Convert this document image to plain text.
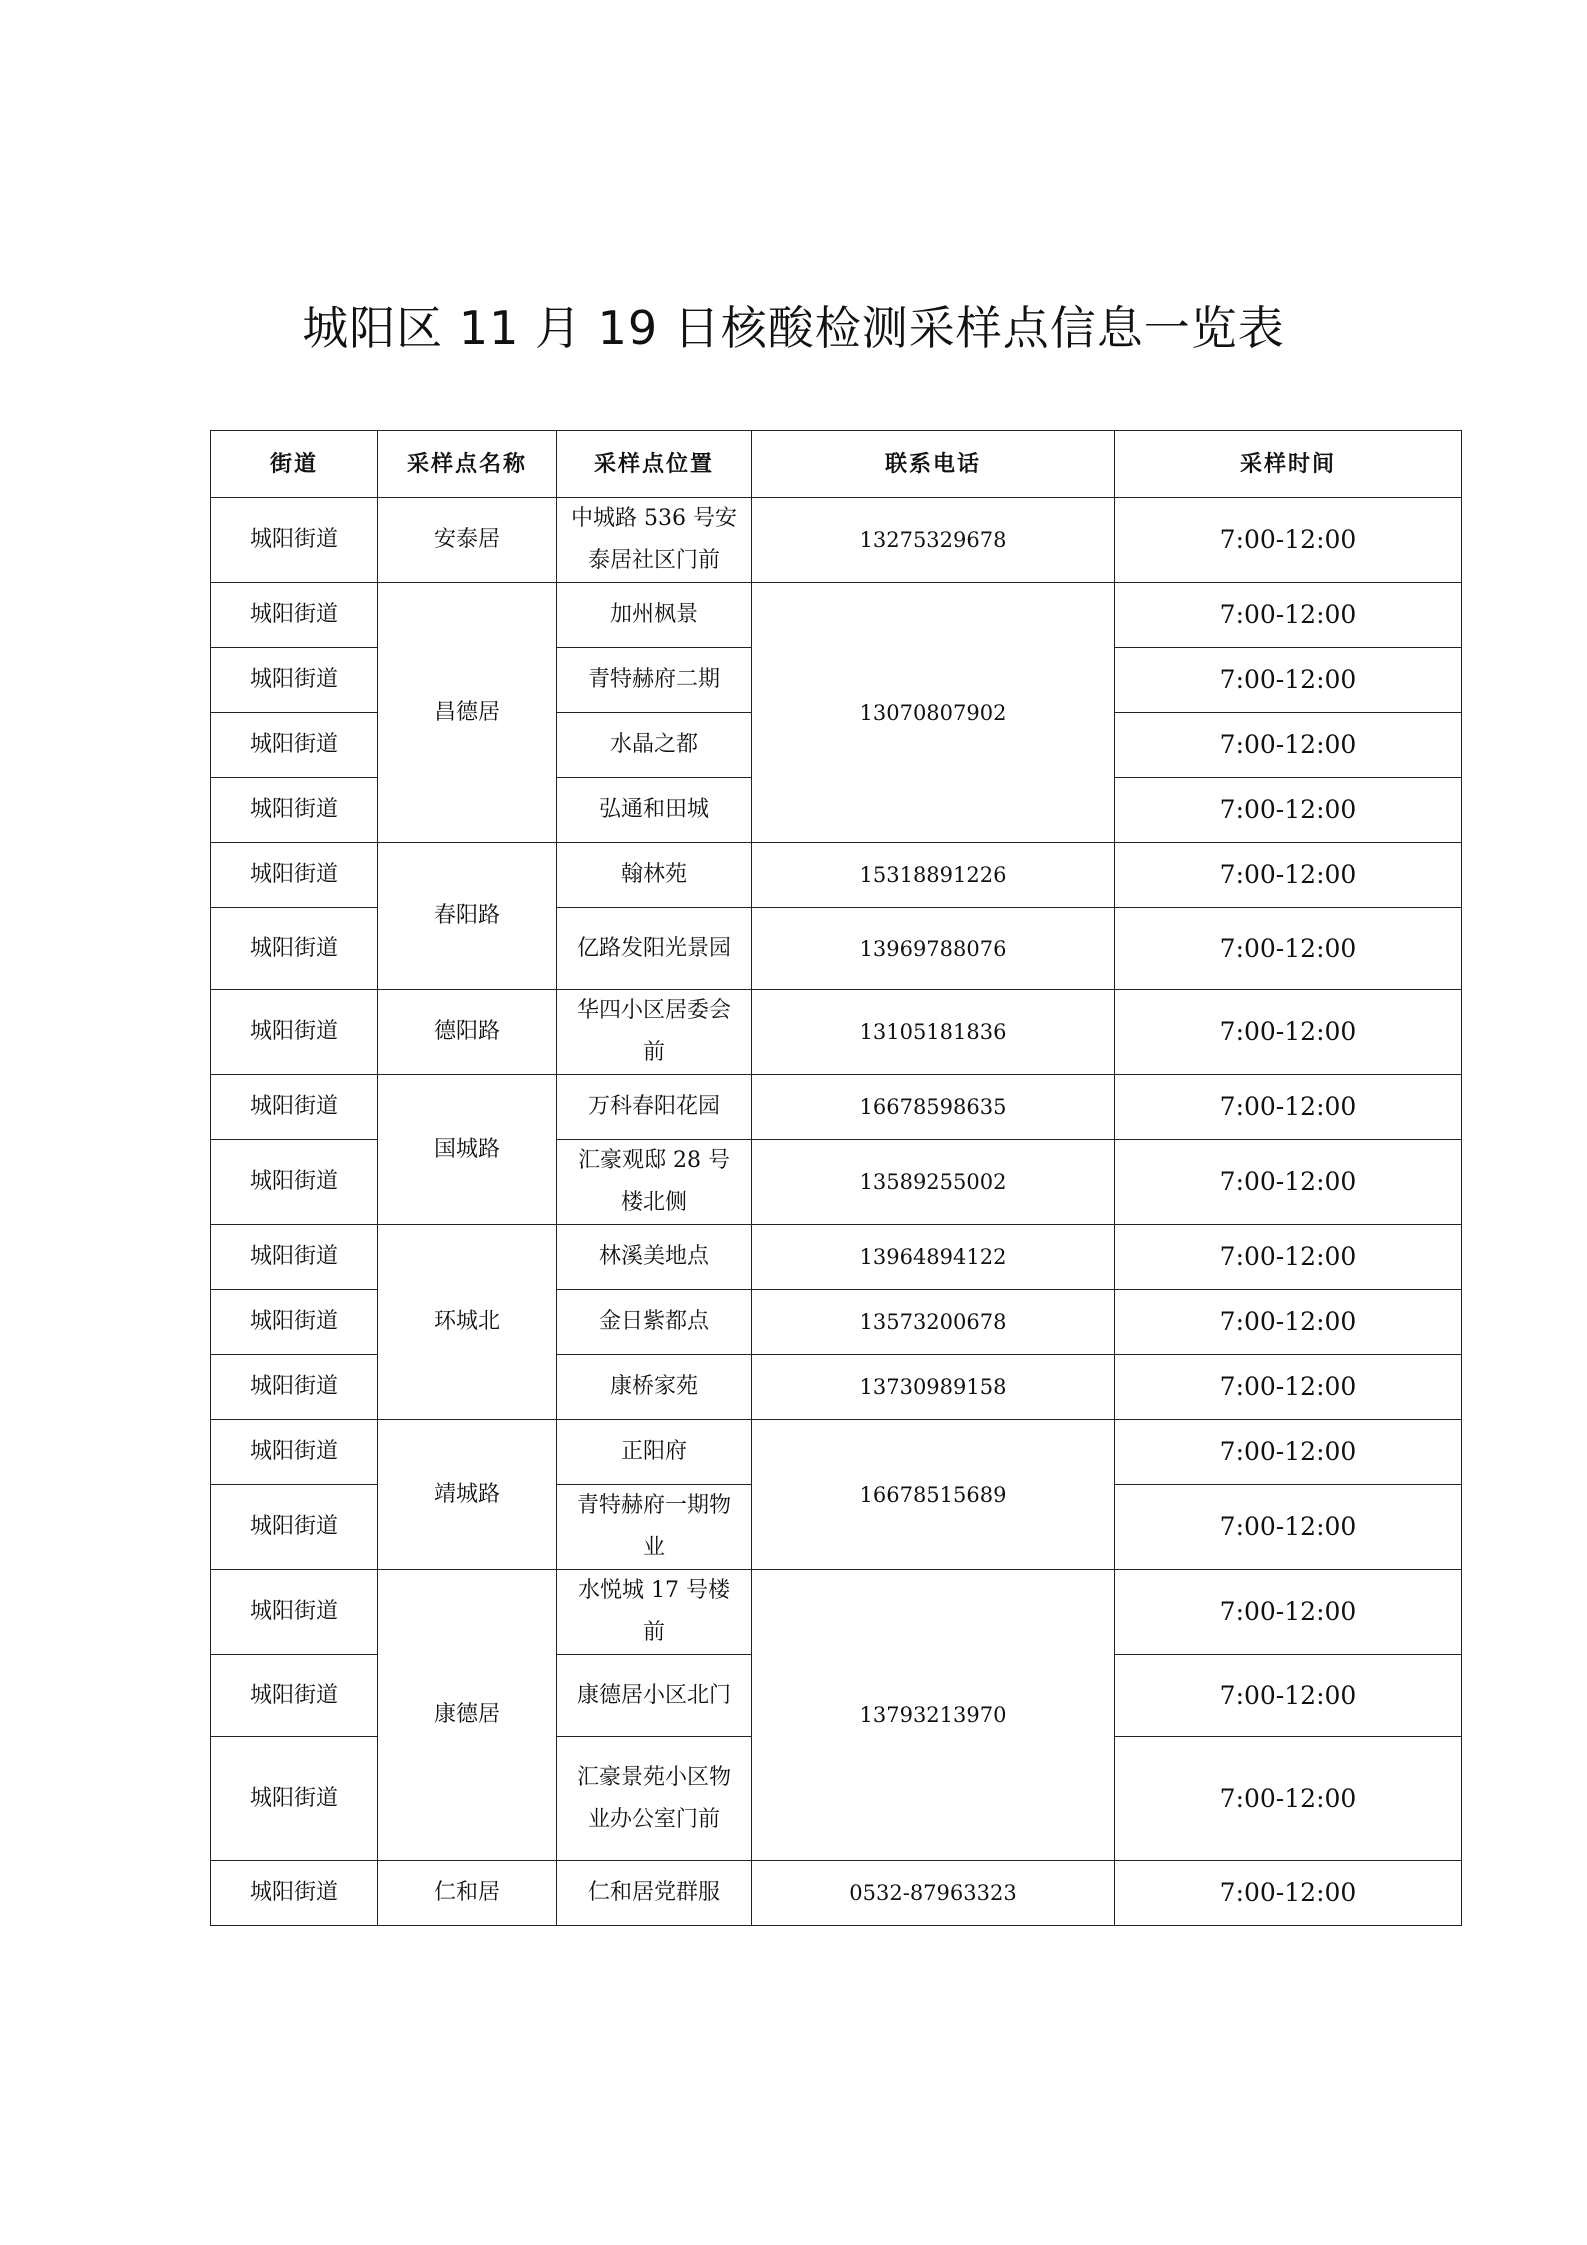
城阳区 11 月 19 日核酸检测采样点信息一览表
街道	采样点名称	采样点位置	联系电话	采样时间
城阳街道	安泰居	中城路 536 号安泰居社区门前	13275329678	7:00-12:00
城阳街道	昌德居	加州枫景	13070807902	7:00-12:00
城阳街道		青特赫府二期		7:00-12:00
城阳街道		水晶之都		7:00-12:00
城阳街道		弘通和田城		7:00-12:00
城阳街道	春阳路	翰林苑	15318891226	7:00-12:00
城阳街道		亿路发阳光景园	13969788076	7:00-12:00
城阳街道	德阳路	华四小区居委会前	13105181836	7:00-12:00
城阳街道	国城路	万科春阳花园	16678598635	7:00-12:00
城阳街道		汇豪观邸 28 号楼北侧	13589255002	7:00-12:00
城阳街道	环城北	林溪美地点	13964894122	7:00-12:00
城阳街道		金日紫都点	13573200678	7:00-12:00
城阳街道		康桥家苑	13730989158	7:00-12:00
城阳街道	靖城路	正阳府	16678515689	7:00-12:00
城阳街道		青特赫府一期物业		7:00-12:00
城阳街道	康德居	水悦城 17 号楼前	13793213970	7:00-12:00
城阳街道		康德居小区北门		7:00-12:00
城阳街道		汇豪景苑小区物业办公室门前		7:00-12:00
城阳街道	仁和居	仁和居党群服	0532-87963323	7:00-12:00
